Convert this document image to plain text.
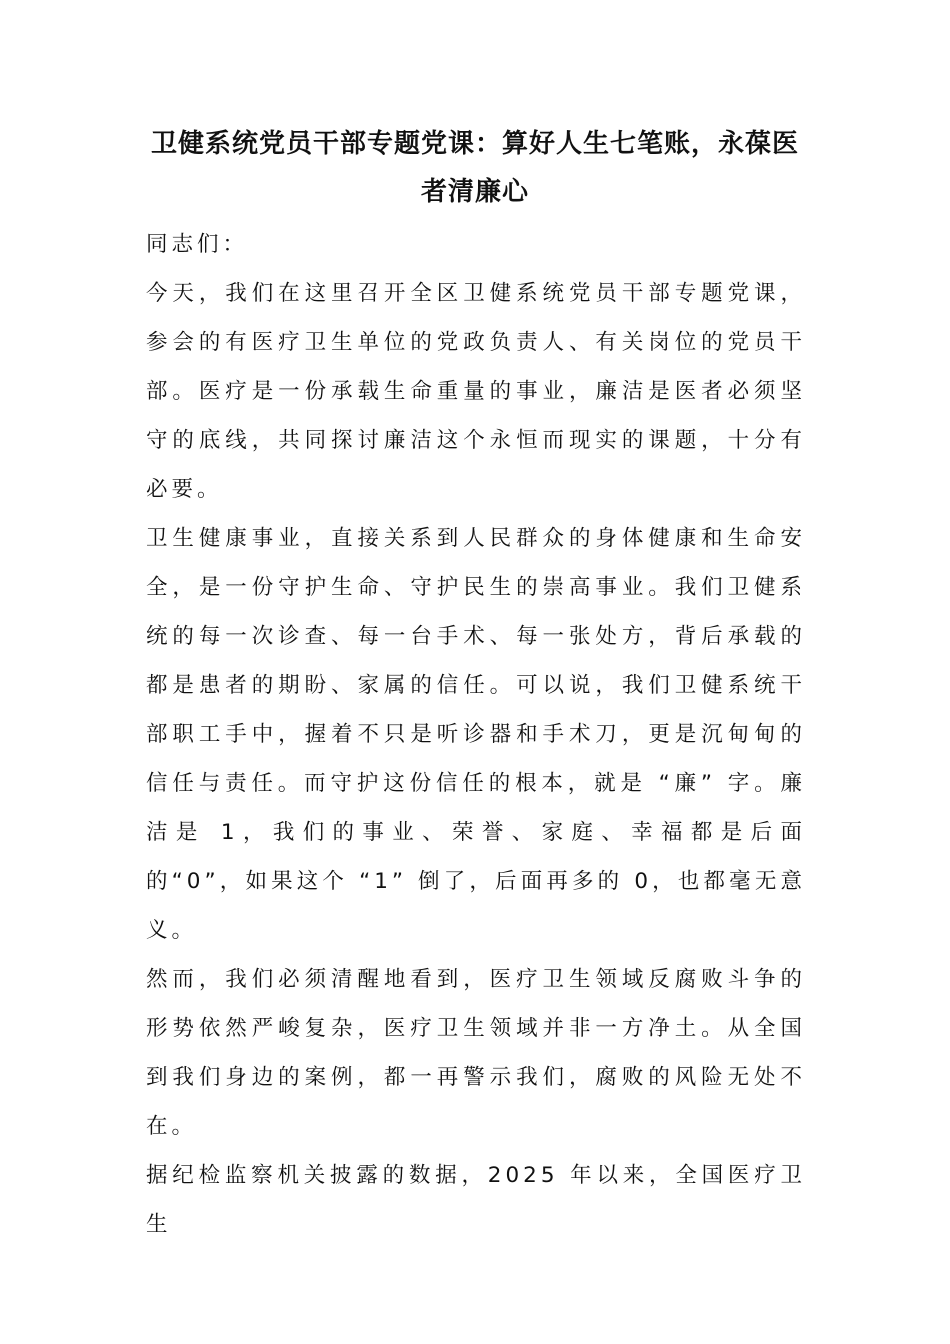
卫健系统党员干部专题党课：算好人生七笔账，永葆医者清廉心

同志们：

今天，我们在这里召开全区卫健系统党员干部专题党课，参会的有医疗卫生单位的党政负责人、有关岗位的党员干部。医疗是一份承载生命重量的事业，廉洁是医者必须坚守的底线，共同探讨廉洁这个永恒而现实的课题，十分有必要。

卫生健康事业，直接关系到人民群众的身体健康和生命安全，是一份守护生命、守护民生的崇高事业。我们卫健系统的每一次诊查、每一台手术、每一张处方，背后承载的都是患者的期盼、家属的信任。可以说，我们卫健系统干部职工手中，握着不只是听诊器和手术刀，更是沉甸甸的信任与责任。而守护这份信任的根本，就是 “廉” 字。廉洁是 1，我们的事业、荣誉、家庭、幸福都是后面的“0”，如果这个 “1” 倒了，后面再多的 0，也都毫无意义。

然而，我们必须清醒地看到，医疗卫生领域反腐败斗争的形势依然严峻复杂，医疗卫生领域并非一方净土。从全国到我们身边的案例，都一再警示我们，腐败的风险无处不在。

据纪检监察机关披露的数据，2025 年以来，全国医疗卫生
